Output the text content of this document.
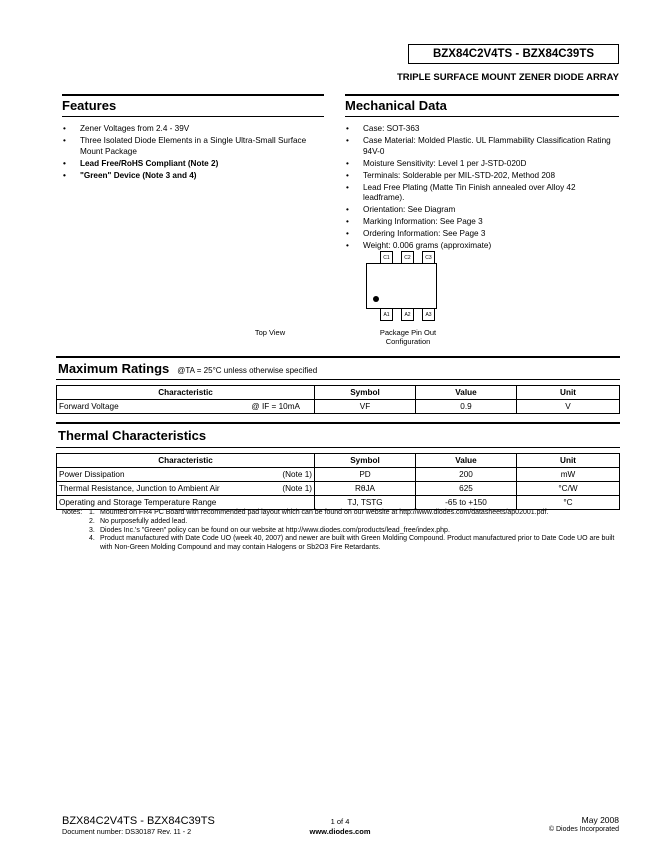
BZX84C2V4TS - BZX84C39TS
TRIPLE SURFACE MOUNT ZENER DIODE ARRAY
Features
• Zener Voltages from 2.4 - 39V
• Three Isolated Diode Elements in a Single Ultra-Small Surface Mount Package
• Lead Free/RoHS Compliant (Note 2)
• "Green" Device (Note 3 and 4)
Mechanical Data
• Case: SOT-363
• Case Material: Molded Plastic. UL Flammability Classification Rating 94V-0
• Moisture Sensitivity: Level 1 per J-STD-020D
• Terminals: Solderable per MIL-STD-202, Method 208
• Lead Free Plating (Matte Tin Finish annealed over Alloy 42 leadframe).
• Orientation: See Diagram
• Marking Information: See Page 3
• Ordering Information: See Page 3
• Weight: 0.006 grams (approximate)
C1	C2	C3
A1	A2	A3
Top View	Package Pin Out
Configuration
Maximum Ratings @TA = 25°C unless otherwise specified
Characteristic	Symbol	Value	Unit

Forward Voltage @ IF = 10mA	VF	0.9	V
Thermal Characteristics
Characteristic	Symbol	Value	Unit

Power Dissipation (Note 1)	PD	200	mW

Thermal Resistance, Junction to Ambient Air (Note 1)	RθJA	625	°C/W

Operating and Storage Temperature Range	TJ, TSTG	-65 to +150	°C
Notes: 1. Mounted on FR4 PC Board with recommended pad layout which can be found on our website at http://www.diodes.com/datasheets/ap02001.pdf.
2. No purposefully added lead.
3. Diodes Inc.'s "Green" policy can be found on our website at http://www.diodes.com/products/lead_free/index.php.
4. Product manufactured with Date Code UO (week 40, 2007) and newer are built with Green Molding Compound. Product manufactured prior to Date Code UO are built with Non-Green Molding Compound and may contain Halogens or Sb2O3 Fire Retardants.
BZX84C2V4TS - BZX84C39TS
Document number: DS30187 Rev. 11 - 2
1 of 4
www.diodes.com
May 2008
© Diodes Incorporated
